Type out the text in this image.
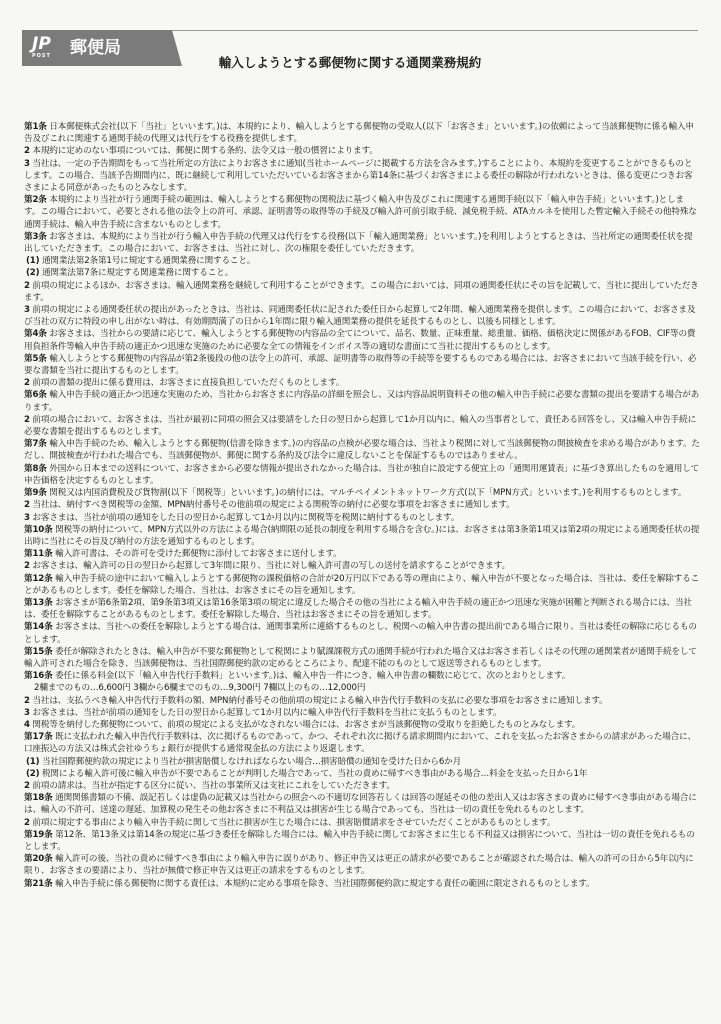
JP
POST	郵便局
輸入しようとする郵便物に関する通関業務規約

第1条 日本郵便株式会社(以下「当社」といいます。)は、本規約により、輸入しようとする郵便物の受取人(以下「お客さま」といいます。)の依頼によって当該郵便物に係る輸入申告及びこれに関連する通関手続の代理又は代行をする役務を提供します。

2 本規約に定めのない事項については、郵便に関する条約、法令又は一般の慣習によります。

3 当社は、一定の予告期間をもって当社所定の方法によりお客さまに通知(当社ホームページに掲載する方法を含みます。)することにより、本規約を変更することができるものとします。この場合、当該予告期間内に、既に継続して利用していただいているお客さまから第14条に基づくお客さまによる委任の解除が行われないときは、係る変更につきお客さまによる同意があったものとみなします。

第2条 本規約により当社が行う通関手続の範囲は、輸入しようとする郵便物の関税法に基づく輸入申告及びこれに関連する通関手続(以下「輸入申告手続」といいます。)とします。この場合において、必要とされる他の法令上の許可、承認、証明書等の取得等の手続及び輸入許可前引取手続、減免税手続、ATAカルネを使用した暫定輸入手続その他特殊な通関手続は、輸入申告手続に含まないものとします。

第3条 お客さまは、本規約により当社が行う輸入申告手続の代理又は代行をする役務(以下「輸入通関業務」といいます。)を利用しようとするときは、当社所定の通関委任状を提出していただきます。この場合において、お客さまは、当社に対し、次の権限を委任していただきます。

(1) 通関業法第2条第1号に規定する通関業務に関すること。

(2) 通関業法第7条に規定する関連業務に関すること。

2 前項の規定によるほか、お客さまは、輸入通関業務を継続して利用することができます。この場合においては、同項の通関委任状にその旨を記載して、当社に提出していただきます。

3 前項の規定による通関委任状の提出があったときは、当社は、同通関委任状に記された委任日から起算して2年間、輸入通関業務を提供します。この場合において、お客さま及び当社の双方に特段の申し出がない時は、有効期間満了の日から1年間に限り輸入通関業務の提供を延長するものとし、以後も同様とします。

第4条 お客さまは、当社からの要請に応じて、輸入しようとする郵便物の内容品の全てについて、品名、数量、正味重量、総重量、価格、価格決定に関係があるFOB、CIF等の費用負担条件等輸入申告手続の適正かつ迅速な実施のために必要な全ての情報をインボイス等の適切な書面にて当社に提出するものとします。

第5条 輸入しようとする郵便物の内容品が第2条後段の他の法令上の許可、承認、証明書等の取得等の手続等を要するものである場合には、お客さまにおいて当該手続を行い、必要な書類を当社に提出するものとします。

2 前項の書類の提出に係る費用は、お客さまに直接負担していただくものとします。

第6条 輸入申告手続の適正かつ迅速な実施のため、当社からお客さまに内容品の詳細を照会し、又は内容品説明資料その他の輸入申告手続に必要な書類の提出を要請する場合があります。

2 前項の場合において、お客さまは、当社が最初に同項の照会又は要請をした日の翌日から起算して1か月以内に、輸入の当事者として、責任ある回答をし、又は輸入申告手続に必要な書類を提出するものとします。

第7条 輸入申告手続のため、輸入しようとする郵便物(信書を除きます。)の内容品の点検が必要な場合は、当社より税関に対して当該郵便物の開披検査を求める場合があります。ただし、開披検査が行われた場合でも、当該郵便物が、郵便に関する条約及び法令に違反しないことを保証するものではありません。

第8条 外国から日本までの送料について、お客さまから必要な情報が提出されなかった場合は、当社が独自に設定する便宜上の「通関用運賃表」に基づき算出したものを適用して申告価格を決定するものとします。

第9条 関税又は内国消費税及び貨物割(以下「関税等」といいます。)の納付には、マルチペイメントネットワーク方式(以下「MPN方式」といいます。)を利用するものとします。

2 当社は、納付すべき関税等の金額、MPN納付番号その他前項の規定による関税等の納付に必要な事項をお客さまに通知します。

3 お客さまは、当社が前項の通知をした日の翌日から起算して1か月以内に関税等を税関に納付するものとします。

第10条 関税等の納付について、MPN方式以外の方法による場合(納期限の延長の制度を利用する場合を含む。)には、お客さまは第3条第1項又は第2項の規定による通関委任状の提出時に当社にその旨及び納付の方法を通知するものとします。

第11条 輸入許可書は、その許可を受けた郵便物に添付してお客さまに送付します。

2 お客さまは、輸入許可の日の翌日から起算して3年間に限り、当社に対し輸入許可書の写しの送付を請求することができます。

第12条 輸入申告手続の途中において輸入しようとする郵便物の課税価格の合計が20万円以下である等の理由により、輸入申告が不要となった場合は、当社は、委任を解除することがあるものとします。委任を解除した場合、当社は、お客さまにその旨を通知します。

第13条 お客さまが第6条第2項、第9条第3項又は第16条第3項の規定に違反した場合その他の当社による輸入申告手続の適正かつ迅速な実施が困難と判断される場合には、当社は、委任を解除することがあるものとします。委任を解除した場合、当社はお客さまにその旨を通知します。

第14条 お客さまは、当社への委任を解除しようとする場合は、通関事業所に連絡するものとし、税関への輸入申告書の提出前である場合に限り、当社は委任の解除に応じるものとします。

第15条 委任が解除されたときは、輸入申告が不要な郵便物として税関により賦課課税方式の通関手続が行われた場合又はお客さま若しくはその代理の通関業者が通関手続をして輸入許可された場合を除き、当該郵便物は、当社国際郵便約款の定めるところにより、配達不能のものとして返送等されるものとします。

第16条 委任に係る料金(以下「輸入申告代行手数料」といいます。)は、輸入申告一件につき、輸入申告書の欄数に応じて、次のとおりとします。

2欄までのもの…6,600円 3欄から6欄までのもの…9,300円 7欄以上のもの…12,000円

2 当社は、支払うべき輸入申告代行手数料の額、MPN納付番号その他前項の規定による輸入申告代行手数料の支払に必要な事項をお客さまに通知します。

3 お客さまは、当社が前項の通知をした日の翌日から起算して1か月以内に輸入申告代行手数料を当社に支払うものとします。

4 関税等を納付した郵便物について、前項の規定による支払がなされない場合には、お客さまが当該郵便物の受取りを拒絶したものとみなします。

第17条 既に支払われた輸入申告代行手数料は、次に掲げるものであって、かつ、それぞれ次に掲げる請求期間内において、これを支払ったお客さまからの請求があった場合に、口座振込の方法又は株式会社ゆうちょ銀行が提供する通常現金払の方法により返還します。

(1) 当社国際郵便約款の規定により当社が損害賠償しなければならない場合…損害賠償の通知を受けた日から6か月

(2) 税関による輸入許可後に輸入申告が不要であることが判明した場合であって、当社の責めに帰すべき事由がある場合…料金を支払った日から1年

2 前項の請求は、当社が指定する区分に従い、当社の事業所又は支社にこれをしていただきます。

第18条 通関関係書類の不備、誤記若しくは虚偽の記載又は当社からの照会への不適切な回答若しくは回答の遅延その他の差出人又はお客さまの責めに帰すべき事由がある場合には、輸入の不許可、送達の遅延、加算税の発生その他お客さまに不利益又は損害が生じる場合であっても、当社は一切の責任を免れるものとします。

2 前項に規定する事由により輸入申告手続に関して当社に損害が生じた場合には、損害賠償請求をさせていただくことがあるものとします。

第19条 第12条、第13条又は第14条の規定に基づき委任を解除した場合には、輸入申告手続に関してお客さまに生じる不利益又は損害について、当社は一切の責任を免れるものとします。

第20条 輸入許可の後、当社の責めに帰すべき事由により輸入申告に誤りがあり、修正申告又は更正の請求が必要であることが確認された場合は、輸入の許可の日から5年以内に限り、お客さまの要請により、当社が無償で修正申告又は更正の請求をするものとします。

第21条 輸入申告手続に係る郵便物に関する責任は、本規約に定める事項を除き、当社国際郵便約款に規定する責任の範囲に限定されるものとします。
